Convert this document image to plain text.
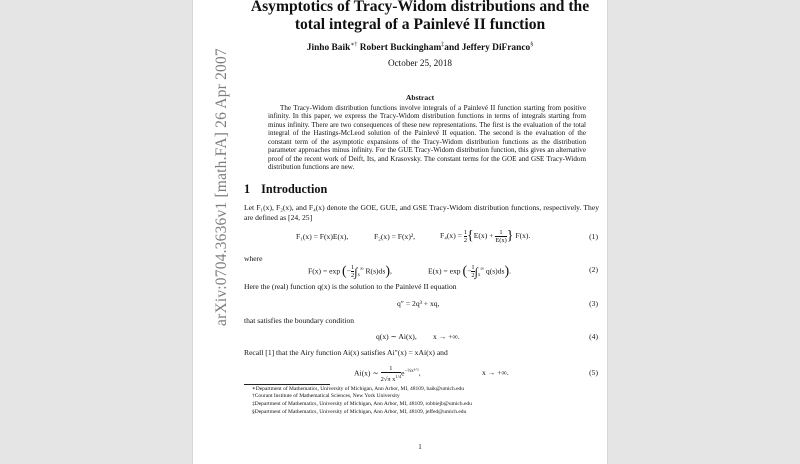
arXiv:0704.3636v1 [math.FA] 26 Apr 2007
Asymptotics of Tracy-Widom distributions and the
total integral of a Painlevé II function
Jinho Baik∗† Robert Buckingham‡and Jeffery DiFranco§
October 25, 2018
Abstract
The Tracy-Widom distribution functions involve integrals of a Painlevé II function starting from positive infinity. In this paper, we express the Tracy-Widom distribution functions in terms of integrals starting from minus infinity. There are two consequences of these new representations. The first is the evaluation of the total integral of the Hastings-McLeod solution of the Painlevé II equation. The second is the evaluation of the constant term of the asymptotic expansions of the Tracy-Widom distribution functions as the distribution parameter approaches minus infinity. For the GUE Tracy-Widom distribution function, this gives an alternative proof of the recent work of Deift, Its, and Krasovsky. The constant terms for the GOE and GSE Tracy-Widom distribution functions are new.
1 Introduction
Let F₁(x), F₂(x), and F₄(x) denote the GOE, GUE, and GSE Tracy-Widom distribution functions, respectively. They are defined as [24, 25]
F₁(x) = F(x)E(x),	F₂(x) = F(x)²,	$F_4(x) = \frac{1}{2} \{E(x) + \frac{1}{E(x)}$ } F(x).	(1)
where
F(x) = exp (− $\frac{1}{2} \int_x^\infty$ R(s)ds),	E(x) = exp (− $\frac{1}{2} \int_x^\infty$ q(s)ds).	(2)
Here the (real) function q(x) is the solution to the Painlevé II equation
q″ = 2q³ + xq,	(3)
that satisfies the boundary condition
q(x) ∼ Ai(x), x → +∞.	(4)
Recall [1] that the Airy function Ai(x) satisfies Ai″(x) = xAi(x) and
Ai(x) ∼ $\frac{1}{2√\pi x^{1/4}} e^{-\frac{2}{3}x^3ᐟ^2}$,	x → +∞.	(5)
∗Department of Mathematics, University of Michigan, Ann Arbor, MI, 48109, baik@umich.edu
†Courant Institute of Mathematical Sciences, New York University
‡Department of Mathematics, University of Michigan, Ann Arbor, MI, 48109, robbiejb@umich.edu
§Department of Mathematics, University of Michigan, Ann Arbor, MI, 48109, jeffed@umich.edu
1
